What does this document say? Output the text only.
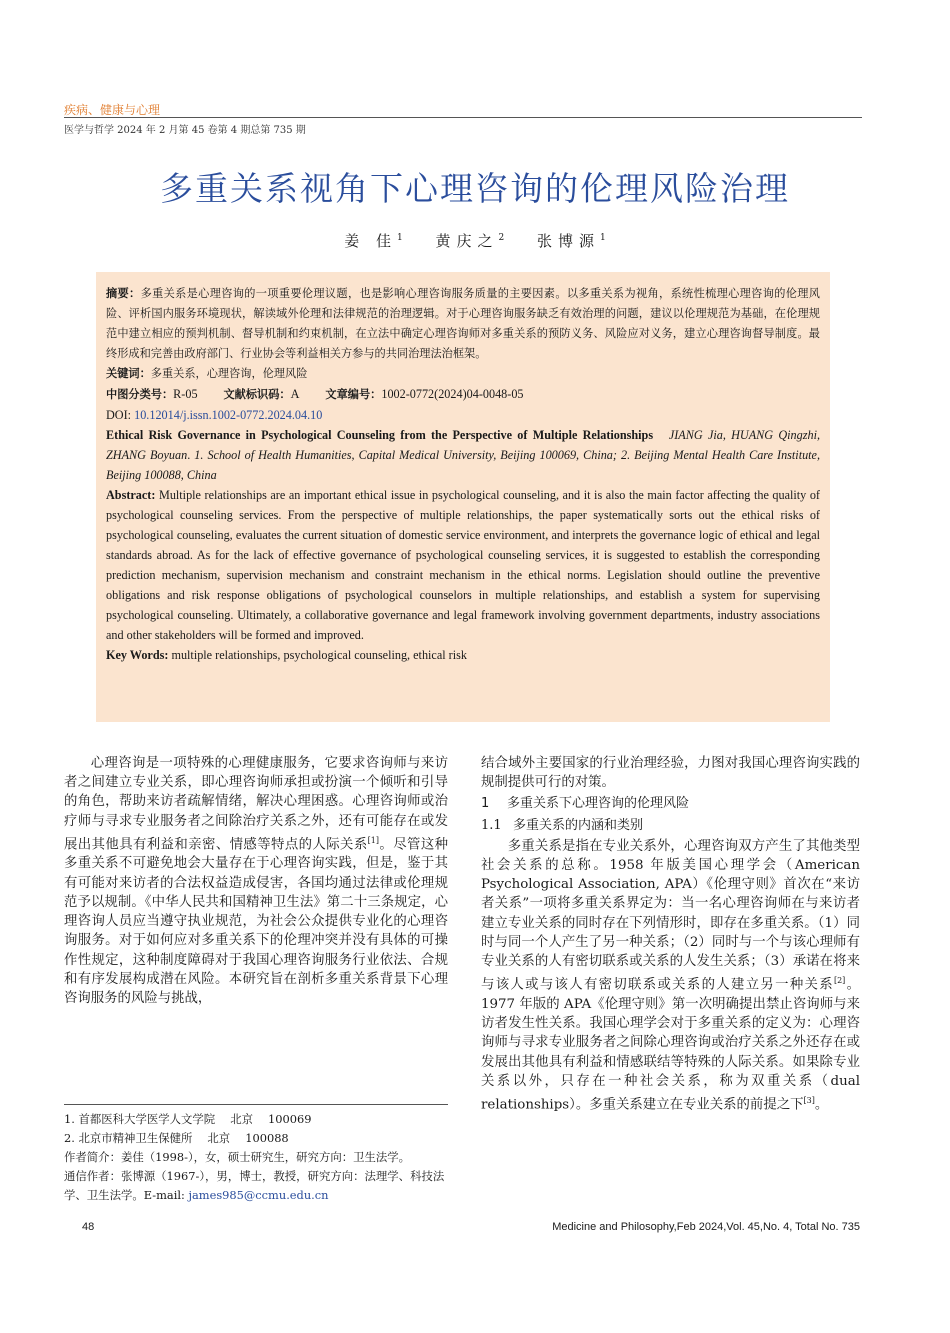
疾病、健康与心理
医学与哲学 2024 年 2 月第 45 卷第 4 期总第 735 期
多重关系视角下心理咨询的伦理风险治理
姜 佳$^1$ 黄庆之$^2$ 张博源$^1$

摘要：多重关系是心理咨询的一项重要伦理议题，也是影响心理咨询服务质量的主要因素。以多重关系为视角，系统性梳理心理咨询的伦理风险、评析国内服务环境现状，解读域外伦理和法律规范的治理逻辑。对于心理咨询服务缺乏有效治理的问题，建议以伦理规范为基础，在伦理规范中建立相应的预判机制、督导机制和约束机制，在立法中确定心理咨询师对多重关系的预防义务、风险应对义务，建立心理咨询督导制度。最终形成和完善由政府部门、行业协会等利益相关方参与的共同治理法治框架。

关键词：多重关系，心理咨询，伦理风险

中图分类号：R-05    文献标识码：A    文章编号：1002-0772(2024)04-0048-05

DOI: 10.12014/j.issn.1002-0772.2024.04.10

Ethical Risk Governance in Psychological Counseling from the Perspective of Multiple Relationships JIANG Jia, HUANG Qingzhi, ZHANG Boyuan. 1. School of Health Humanities, Capital Medical University, Beijing 100069, China; 2. Beijing Mental Health Care Institute, Beijing 100088, China

Abstract: Multiple relationships are an important ethical issue in psychological counseling, and it is also the main factor affecting the quality of psychological counseling services. From the perspective of multiple relationships, the paper systematically sorts out the ethical risks of psychological counseling, evaluates the current situation of domestic service environment, and interprets the governance logic of ethical and legal standards abroad. As for the lack of effective governance of psychological counseling services, it is suggested to establish the corresponding prediction mechanism, supervision mechanism and constraint mechanism in the ethical norms. Legislation should outline the preventive obligations and risk response obligations of psychological counselors in multiple relationships, and establish a system for supervising psychological counseling. Ultimately, a collaborative governance and legal framework involving government departments, industry associations and other stakeholders will be formed and improved.

Key Words: multiple relationships, psychological counseling, ethical risk

心理咨询是一项特殊的心理健康服务，它要求咨询师与来访者之间建立专业关系，即心理咨询师承担或扮演一个倾听和引导的角色，帮助来访者疏解情绪，解决心理困惑。心理咨询师或治疗师与寻求专业服务者之间除治疗关系之外，还有可能存在或发展出其他具有利益和亲密、情感等特点的人际关系[1]。尽管这种多重关系不可避免地会大量存在于心理咨询实践，但是，鉴于其有可能对来访者的合法权益造成侵害，各国均通过法律或伦理规范予以规制。《中华人民共和国精神卫生法》第二十三条规定，心理咨询人员应当遵守执业规范，为社会公众提供专业化的心理咨询服务。对于如何应对多重关系下的伦理冲突并没有具体的可操作性规定，这种制度障碍对于我国心理咨询服务行业依法、合规和有序发展构成潜在风险。本研究旨在剖析多重关系背景下心理咨询服务的风险与挑战，

结合域外主要国家的行业治理经验，力图对我国心理咨询实践的规制提供可行的对策。

1 多重关系下心理咨询的伦理风险

1.1 多重关系的内涵和类别

多重关系是指在专业关系外，心理咨询双方产生了其他类型社会关系的总称。1958 年版美国心理学会（American Psychological Association, APA）《伦理守则》首次在“来访者关系”一项将多重关系界定为：当一名心理咨询师在与来访者建立专业关系的同时存在下列情形时，即存在多重关系。（1）同时与同一个人产生了另一种关系；（2）同时与一个与该心理师有专业关系的人有密切联系或关系的人发生关系；（3）承诺在将来与该人或与该人有密切联系或关系的人建立另一种关系[2]。1977 年版的 APA《伦理守则》第一次明确提出禁止咨询师与来访者发生性关系。我国心理学会对于多重关系的定义为：心理咨询师与寻求专业服务者之间除心理咨询或治疗关系之外还存在或发展出其他具有利益和情感联结等特殊的人际关系。如果除专业关系以外，只存在一种社会关系，称为双重关系（dual relationships）。多重关系建立在专业关系的前提之下[3]。

1. 首都医科大学医学人文学院　 北京　 100069

2. 北京市精神卫生保健所　 北京　 100088

作者简介：姜佳（1998-），女，硕士研究生，研究方向：卫生法学。

通信作者：张博源（1967-），男，博士，教授，研究方向：法理学、科技法学、卫生法学。E-mail: james985@ccmu.edu.cn

48	Medicine and Philosophy,Feb 2024,Vol. 45,No. 4, Total No. 735
